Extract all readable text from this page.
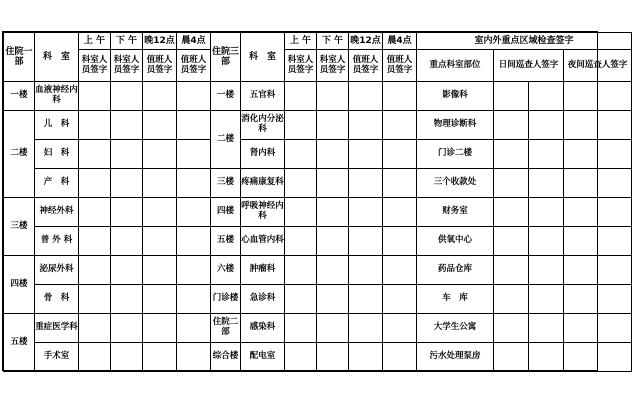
住院一部	科　室	上 午	下 午	晚12点	晨4点	住院三部	科　室	上 午	下 午	晚12点	晨4点	室内外重点区域检查签字				
		科室人员签字	科室人员签字	值班人员签字	值班人员签字			科室人员签字	科室人员签字	值班人员签字	值班人员签字	重点科室部位	日间巡查人签字		夜间巡查人签字	
一楼	血液神经内科					一楼	五官科					影像科				
二楼	儿　科					二楼	消化内分泌科					物理诊断科				
	妇　科						肾内科					门诊二楼				
	产　科					三楼	疼痛康复科					三个收款处				
三楼	神经外科					四楼	呼吸神经内科					财务室				
	普 外 科					五楼	心血管内科					供氧中心				
四楼	泌尿外科					六楼	肿瘤科					药品仓库				
	骨　科					门诊楼	急诊科					车　库				
五楼	重症医学科					住院二部	感染科					大学生公寓				
	手术室					综合楼	配电室					污水处理泵房				
